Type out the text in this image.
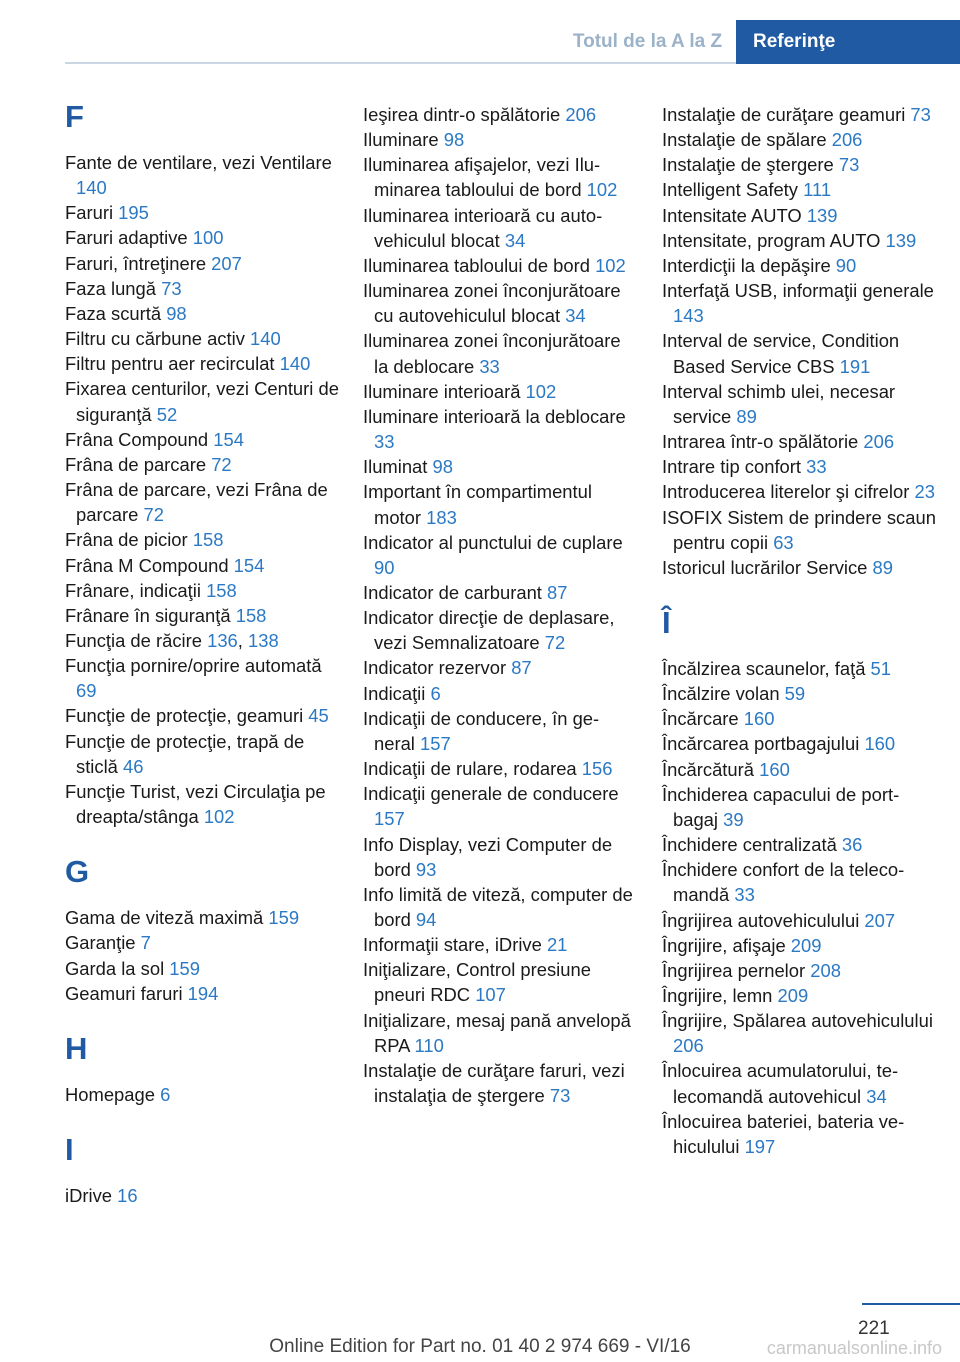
Totul de la A la Z	Referinţe
F
Fante de ventilare, vezi Ventilare 140
Faruri 195
Faruri adaptive 100
Faruri, întreţinere 207
Faza lungă 73
Faza scurtă 98
Filtru cu cărbune activ 140
Filtru pentru aer recirculat 140
Fixarea centurilor, vezi Centuri de siguranţă 52
Frâna Compound 154
Frâna de parcare 72
Frâna de parcare, vezi Frâna de parcare 72
Frâna de picior 158
Frâna M Compound 154
Frânare, indicaţii 158
Frânare în siguranţă 158
Funcţia de răcire 136, 138
Funcţia pornire/oprire automată 69
Funcţie de protecţie, geamuri 45
Funcţie de protecţie, trapă de sticlă 46
Funcţie Turist, vezi Circulaţia pe dreapta/stânga 102
G
Gama de viteză maximă 159
Garanţie 7
Garda la sol 159
Geamuri faruri 194
H
Homepage 6
I
iDrive 16
Ieşirea dintr-o spălătorie 206
Iluminare 98
Iluminarea afişajelor, vezi Iluminarea tabloului de bord 102
Iluminarea interioară cu autovehiculul blocat 34
Iluminarea tabloului de bord 102
Iluminarea zonei înconjurătoare cu autovehiculul blocat 34
Iluminarea zonei înconjurătoare la deblocare 33
Iluminare interioară 102
Iluminare interioară la deblocare 33
Iluminat 98
Important în compartimentul motor 183
Indicator al punctului de cuplare 90
Indicator de carburant 87
Indicator direcţie de deplasare, vezi Semnalizatoare 72
Indicator rezervor 87
Indicaţii 6
Indicaţii de conducere, în general 157
Indicaţii de rulare, rodarea 156
Indicaţii generale de conducere 157
Info Display, vezi Computer de bord 93
Info limită de viteză, computer de bord 94
Informaţii stare, iDrive 21
Iniţializare, Control presiune pneuri RDC 107
Iniţializare, mesaj pană anvelopă RPA 110
Instalaţie de curăţare faruri, vezi instalaţia de ştergere 73
Instalaţie de curăţare geamuri 73
Instalaţie de spălare 206
Instalaţie de ştergere 73
Intelligent Safety 111
Intensitate AUTO 139
Intensitate, program AUTO 139
Interdicţii la depăşire 90
Interfaţă USB, informaţii generale 143
Interval de service, Condition Based Service CBS 191
Interval schimb ulei, necesar service 89
Intrarea într-o spălătorie 206
Intrare tip confort 33
Introducerea literelor şi cifrelor 23
ISOFIX Sistem de prindere scaun pentru copii 63
Istoricul lucrărilor Service 89
Î
Încălzirea scaunelor, faţă 51
Încălzire volan 59
Încărcare 160
Încărcarea portbagajului 160
Încărcătură 160
Închiderea capacului de portbagaj 39
Închidere centralizată 36
Închidere confort de la telecomandă 33
Îngrijirea autovehiculului 207
Îngrijire, afişaje 209
Îngrijirea pernelor 208
Îngrijire, lemn 209
Îngrijire, Spălarea autovehiculului 206
Înlocuirea acumulatorului, telecomandă autovehicul 34
Înlocuirea bateriei, bateria vehiculului 197
221
Online Edition for Part no. 01 40 2 974 669 - VI/16	carmanualsonline.info
